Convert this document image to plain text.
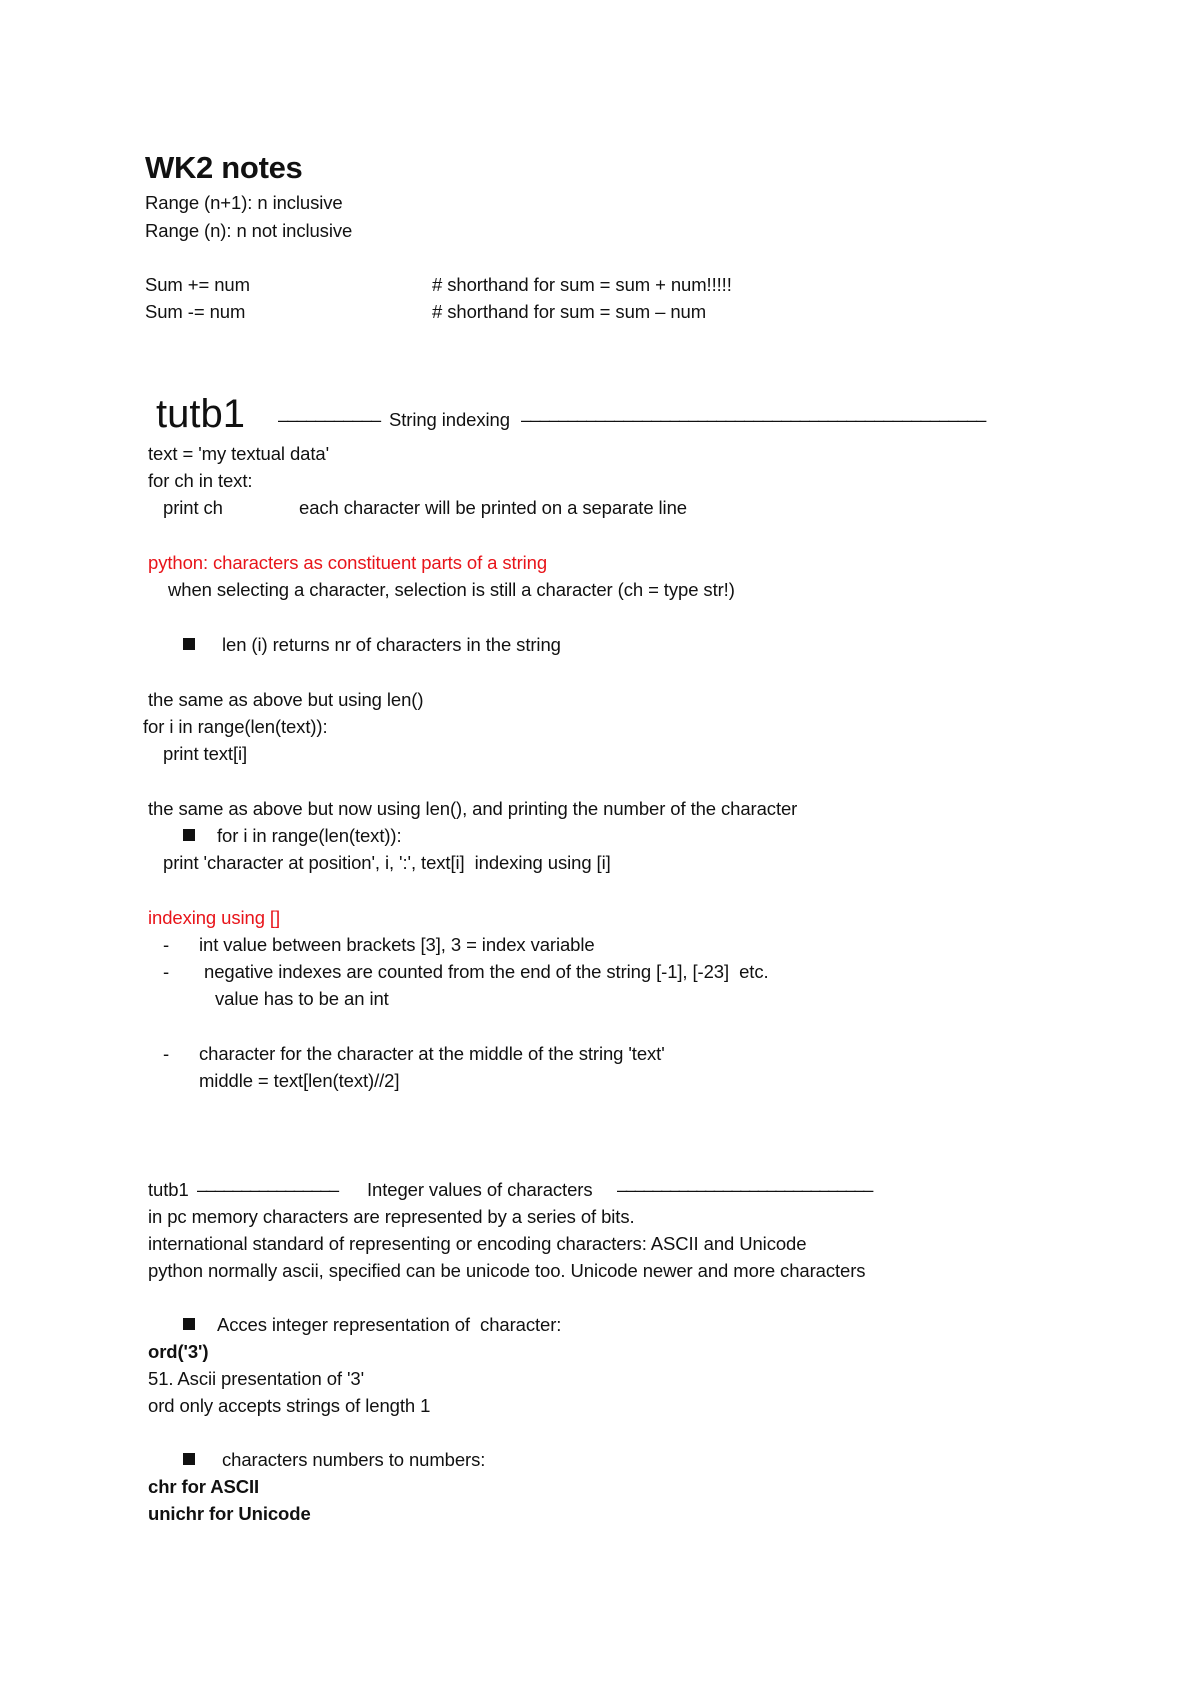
WK2 notes
Range (n+1): n inclusive
Range (n): n not inclusive
Sum += num	# shorthand for sum = sum + num!!!!!
Sum -= num	# shorthand for sum = sum – num
tutb1 ––––––––––– String indexing ––––––––––––––––––––––––––––––––––––––––––––––––––
text = 'my textual data'
for ch in text:
print ch	each character will be printed on a separate line
python: characters as constituent parts of a string
when selecting a character, selection is still a character (ch = type str!)
len (i) returns nr of characters in the string
the same as above but using len()
for i in range(len(text)):
print text[i]
the same as above but now using len(), and printing the number of the character
for i in range(len(text)):
print 'character at position', i, ':', text[i]  indexing using [i]
indexing using []
- int value between brackets [3], 3 = index variable
- negative indexes are counted from the end of the string [-1], [-23]  etc.
value has to be an int
- character for the character at the middle of the string 'text'
middle = text[len(text)//2]
tutb1 –––––––––––––––– Integer values of characters –––––––––––––––––––––––––––––
in pc memory characters are represented by a series of bits.
international standard of representing or encoding characters: ASCII and Unicode
python normally ascii, specified can be unicode too. Unicode newer and more characters
Acces integer representation of  character:
ord('3')
51. Ascii presentation of '3'
ord only accepts strings of length 1
characters numbers to numbers:
chr for ASCII
unichr for Unicode
